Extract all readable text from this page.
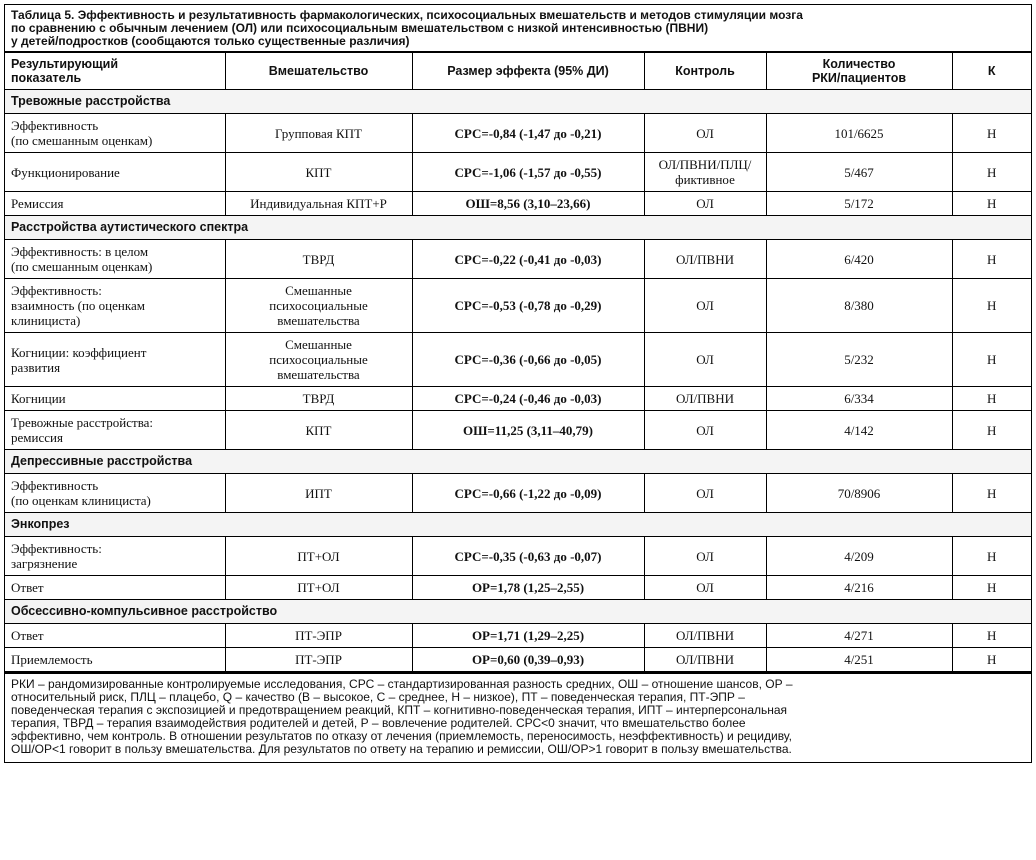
Таблица 5. Эффективность и результативность фармакологических, психосоциальных вмешательств и методов стимуляции мозга
по сравнению с обычным лечением (ОЛ) или психосоциальным вмешательством с низкой интенсивностью (ПВНИ)
у детей/подростков (сообщаются только существенные различия)
Результирующий
показатель	Вмешательство	Размер эффекта (95% ДИ)	Контроль	Количество
РКИ/пациентов	К
Тревожные расстройства					
Эффективность
(по смешанным оценкам)	Групповая КПТ	СРС=-0,84 (-1,47 до -0,21)	ОЛ	101/6625	Н
Функционирование	КПТ	СРС=-1,06 (-1,57 до -0,55)	ОЛ/ПВНИ/ПЛЦ/
фиктивное	5/467	Н
Ремиссия	Индивидуальная КПТ+Р	ОШ=8,56 (3,10–23,66)	ОЛ	5/172	Н
Расстройства аутистического спектра					
Эффективность: в целом
(по смешанным оценкам)	ТВРД	СРС=-0,22 (-0,41 до -0,03)	ОЛ/ПВНИ	6/420	Н
Эффективность:
взаимность (по оценкам
клинициста)	Смешанные
психосоциальные
вмешательства	СРС=-0,53 (-0,78 до -0,29)	ОЛ	8/380	Н
Когниции: коэффициент
развития	Смешанные
психосоциальные
вмешательства	СРС=-0,36 (-0,66 до -0,05)	ОЛ	5/232	Н
Когниции	ТВРД	СРС=-0,24 (-0,46 до -0,03)	ОЛ/ПВНИ	6/334	Н
Тревожные расстройства:
ремиссия	КПТ	ОШ=11,25 (3,11–40,79)	ОЛ	4/142	Н
Депрессивные расстройства					
Эффективность
(по оценкам клинициста)	ИПТ	СРС=-0,66 (-1,22 до -0,09)	ОЛ	70/8906	Н
Энкопрез					
Эффективность:
загрязнение	ПТ+ОЛ	СРС=-0,35 (-0,63 до -0,07)	ОЛ	4/209	Н
Ответ	ПТ+ОЛ	ОР=1,78 (1,25–2,55)	ОЛ	4/216	Н
Обсессивно-компульсивное расстройство					
Ответ	ПТ-ЭПР	ОР=1,71 (1,29–2,25)	ОЛ/ПВНИ	4/271	Н
Приемлемость	ПТ-ЭПР	ОР=0,60 (0,39–0,93)	ОЛ/ПВНИ	4/251	Н
РКИ – рандомизированные контролируемые исследования, СРС – стандартизированная разность средних, ОШ – отношение шансов, ОР –
относительный риск, ПЛЦ – плацебо, Q – качество (В – высокое, С – среднее, Н – низкое), ПТ – поведенческая терапия, ПТ-ЭПР –
поведенческая терапия с экспозицией и предотвращением реакций, КПТ – когнитивно-поведенческая терапия, ИПТ – интерперсональная
терапия, ТВРД – терапия взаимодействия родителей и детей, Р – вовлечение родителей. СРС<0 значит, что вмешательство более
эффективно, чем контроль. В отношении результатов по отказу от лечения (приемлемость, переносимость, неэффективность) и рецидиву,
ОШ/ОР<1 говорит в пользу вмешательства. Для результатов по ответу на терапию и ремиссии, ОШ/ОР>1 говорит в пользу вмешательства.
